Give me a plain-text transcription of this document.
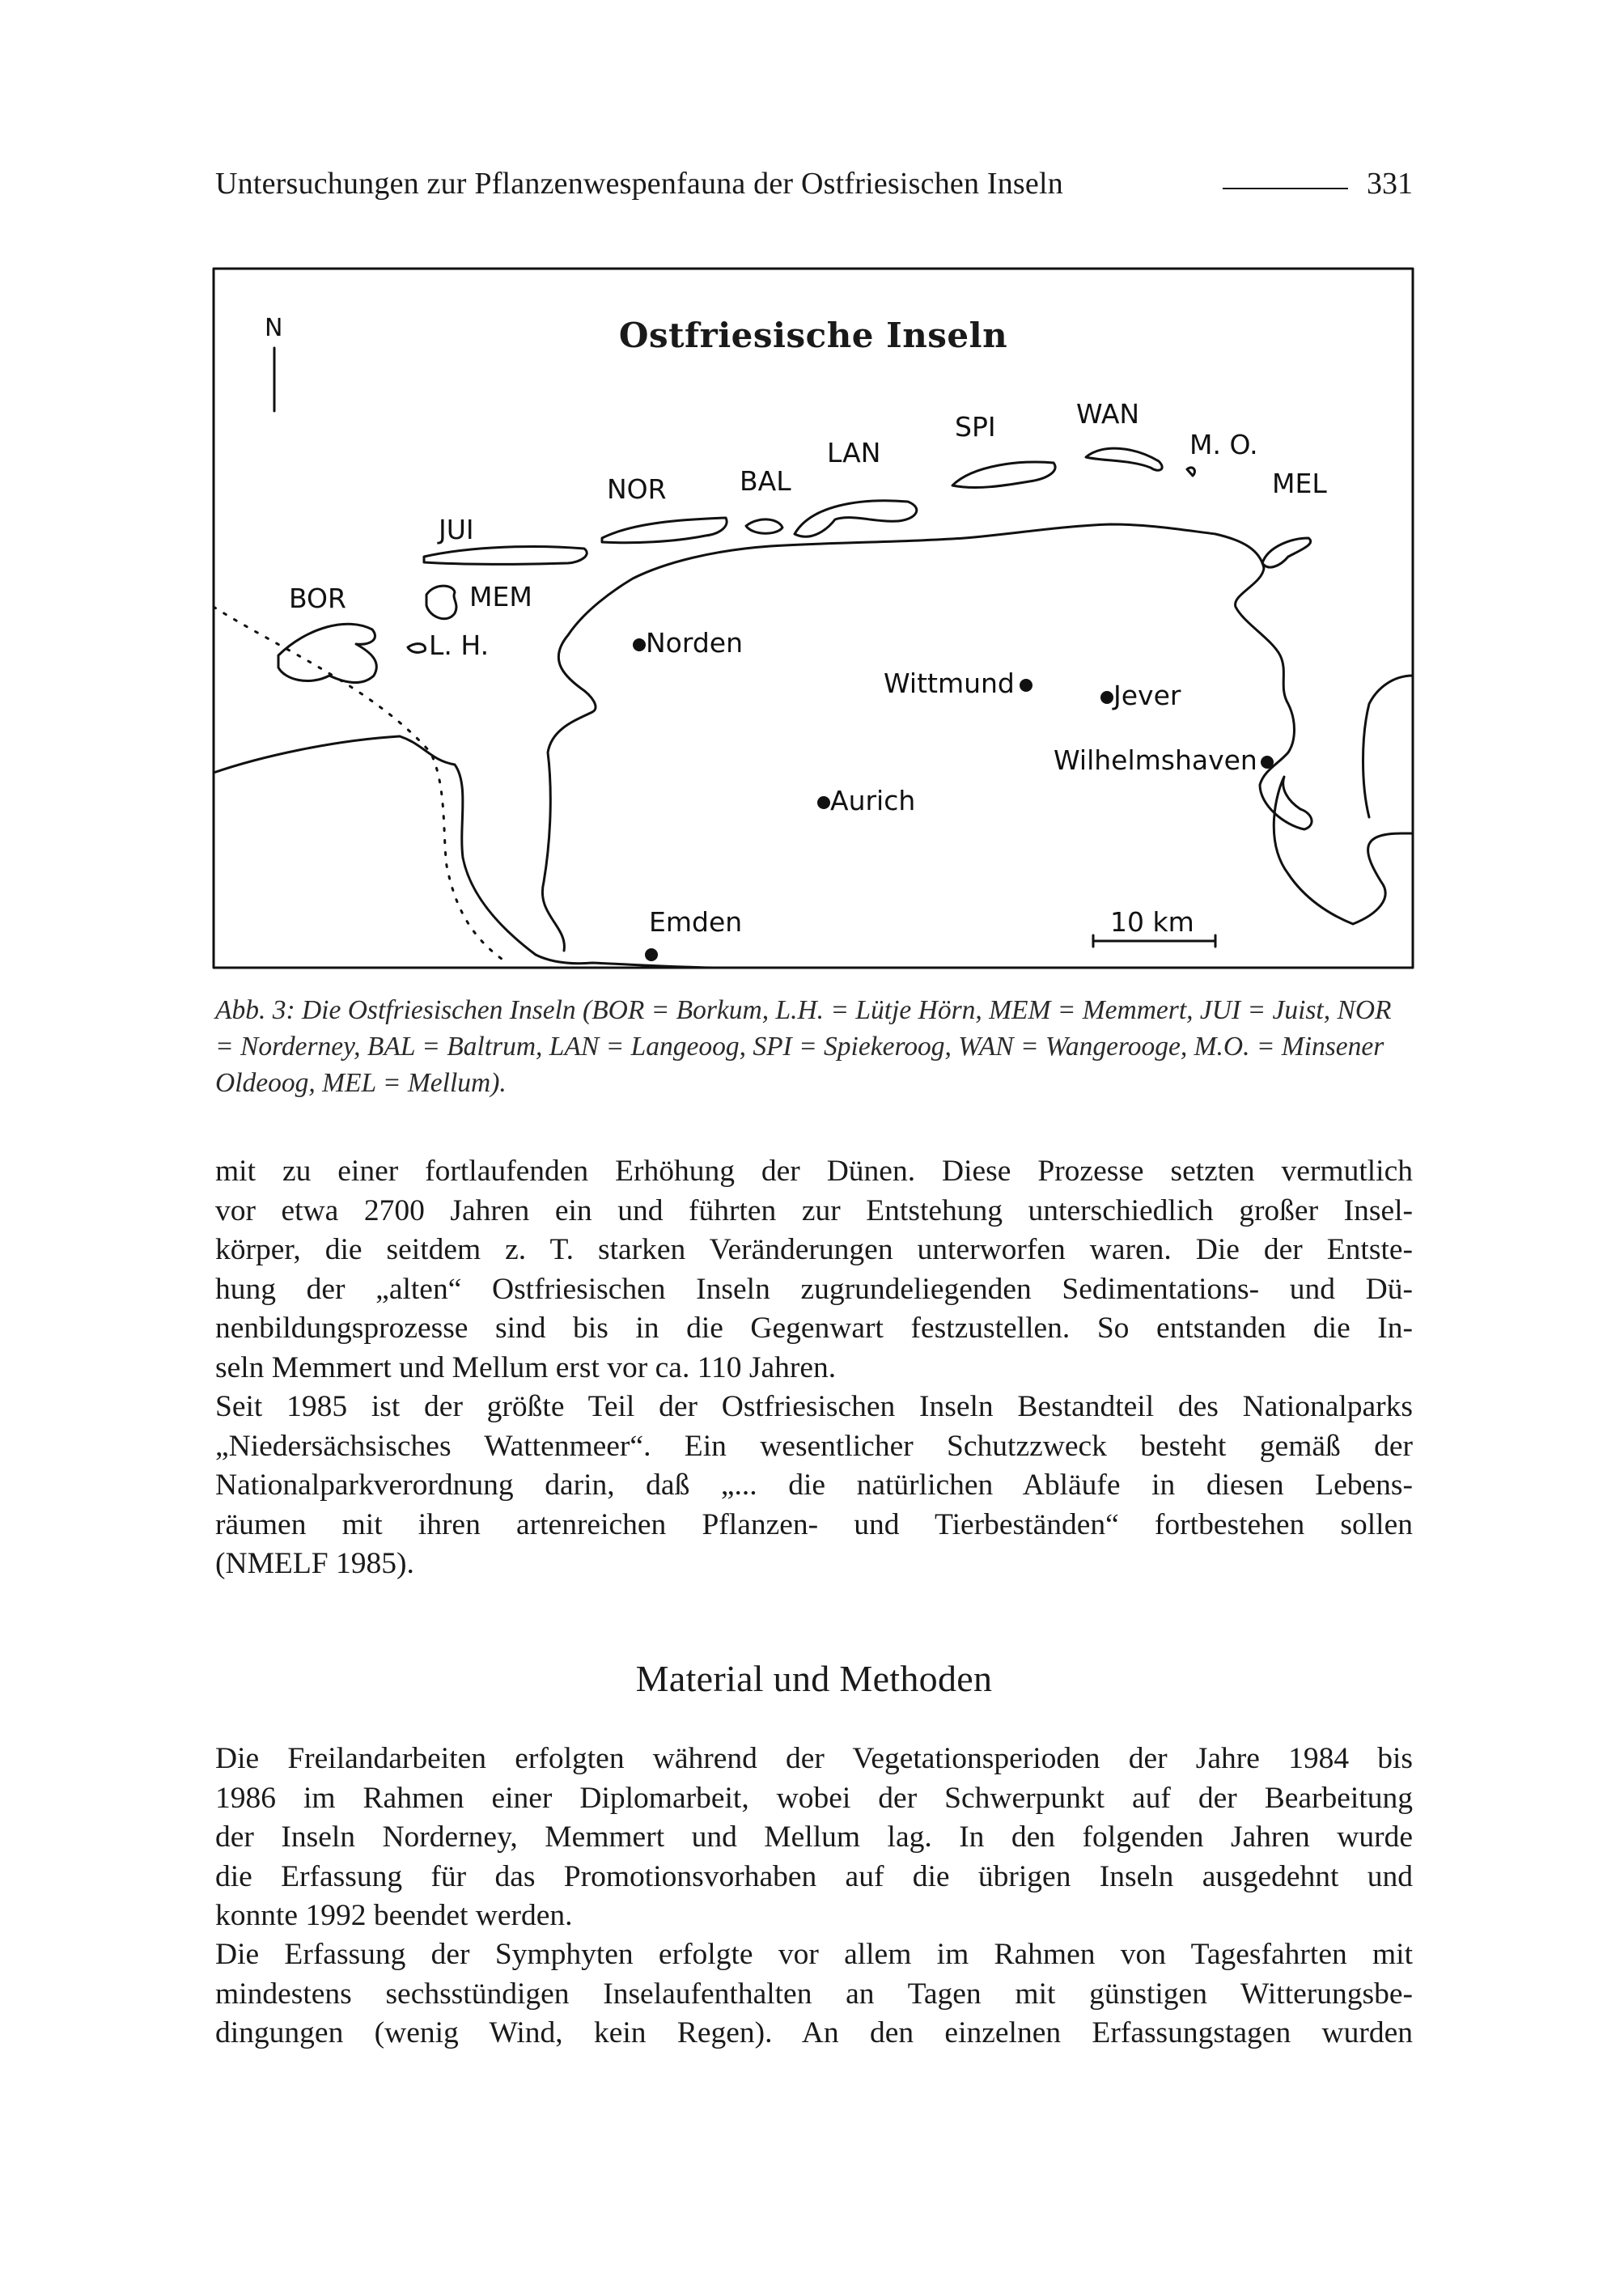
Untersuchungen zur Pflanzenwespenfauna der Ostfriesischen Inseln	331
Ostfriesische Inseln
N
BOR
JUI
MEM
L. H.
NOR	BAL
LAN
SPI	WAN
M. O.
MEL
Norden
Wittmund	Jever
Wilhelmshaven
Aurich
Emden	10 km
Abb. 3: Die Ostfriesischen Inseln (BOR = Borkum, L.H. = Lütje Hörn, MEM = Memmert, JUI = Juist, NOR = Norderney, BAL = Baltrum, LAN = Langeoog, SPI = Spiekeroog, WAN = Wangerooge, M.O. = Minsener Oldeoog, MEL = Mellum).

mit zu einer fortlaufenden Erhöhung der Dünen. Diese Prozesse setzten vermutlich

vor etwa 2700 Jahren ein und führten zur Entstehung unterschiedlich großer Insel-

körper, die seitdem z. T. starken Veränderungen unterworfen waren. Die der Entste-

hung der „alten“ Ostfriesischen Inseln zugrundeliegenden Sedimentations- und Dü-

nenbildungsprozesse sind bis in die Gegenwart festzustellen. So entstanden die In-

seln Memmert und Mellum erst vor ca. 110 Jahren.

Seit 1985 ist der größte Teil der Ostfriesischen Inseln Bestandteil des Nationalparks

„Niedersächsisches Wattenmeer“. Ein wesentlicher Schutzzweck besteht gemäß der

Nationalparkverordnung darin, daß „... die natürlichen Abläufe in diesen Lebens-

räumen mit ihren artenreichen Pflanzen- und Tierbeständen“ fortbestehen sollen

(NMELF 1985).

Material und Methoden

Die Freilandarbeiten erfolgten während der Vegetationsperioden der Jahre 1984 bis

1986 im Rahmen einer Diplomarbeit, wobei der Schwerpunkt auf der Bearbeitung

der Inseln Norderney, Memmert und Mellum lag. In den folgenden Jahren wurde

die Erfassung für das Promotionsvorhaben auf die übrigen Inseln ausgedehnt und

konnte 1992 beendet werden.

Die Erfassung der Symphyten erfolgte vor allem im Rahmen von Tagesfahrten mit

mindestens sechsstündigen Inselaufenthalten an Tagen mit günstigen Witterungsbe-

dingungen (wenig Wind, kein Regen). An den einzelnen Erfassungstagen wurden
